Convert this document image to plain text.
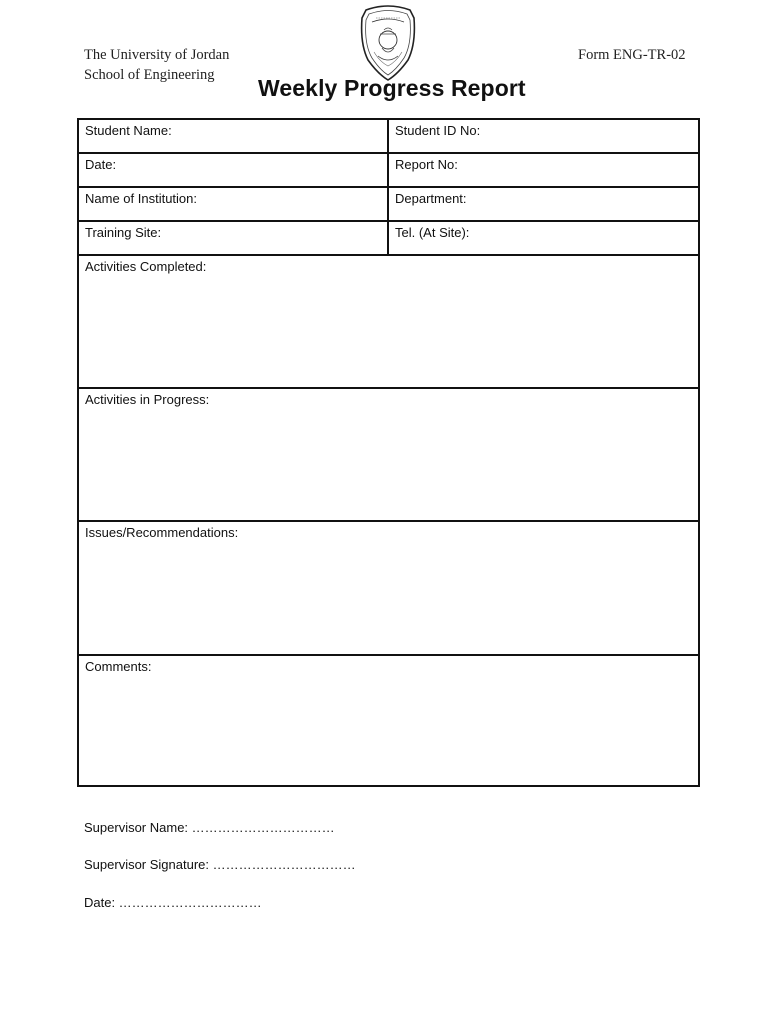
The University of Jordan
School of Engineering
Form ENG-TR-02
Weekly Progress Report
Student Name:	Student ID No:
Date:	Report No:
Name of Institution:	Department:
Training Site:	Tel. (At Site):
Activities Completed:
Activities in Progress:
Issues/Recommendations:
Comments:
Supervisor Name: ……………………………
Supervisor Signature: ……………………………
Date: ……………………………
